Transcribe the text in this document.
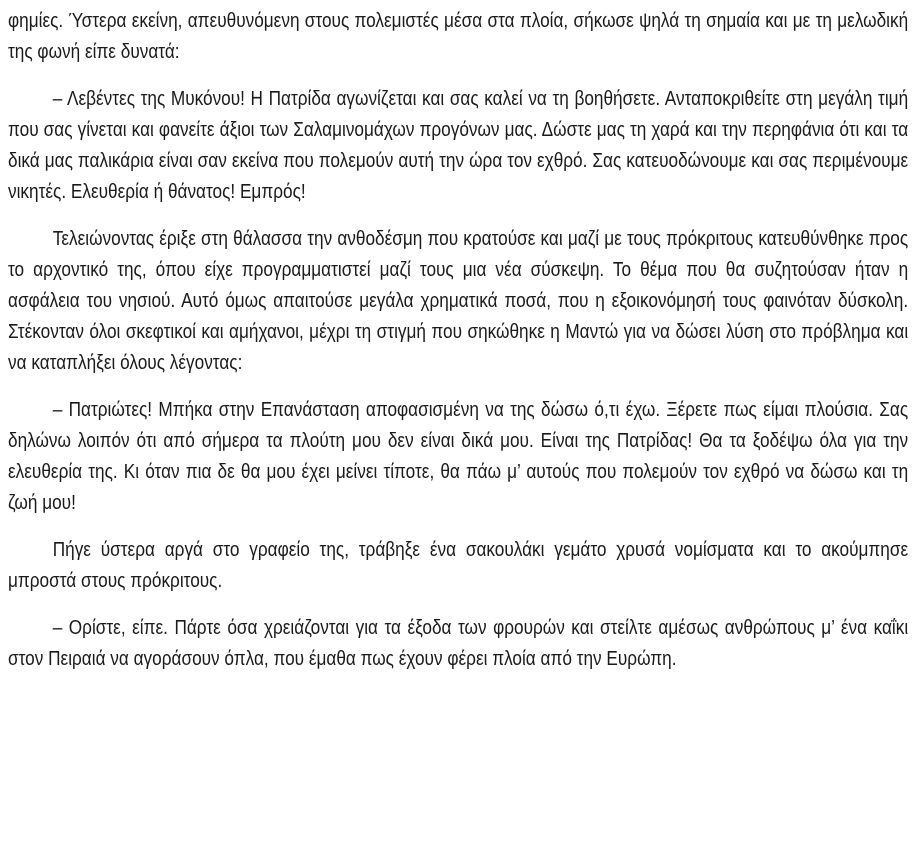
φημίες. Ύστερα εκείνη, απευθυνόμενη στους πολεμιστές μέσα στα πλοία, σήκωσε ψηλά τη σημαία και με τη μελωδική της φωνή είπε δυνατά:

– Λεβέντες της Μυκόνου! Η Πατρίδα αγωνίζεται και σας καλεί να τη βοηθήσετε. Ανταποκριθείτε στη μεγάλη τιμή που σας γίνεται και φανείτε άξιοι των Σαλαμινομάχων προγόνων μας. Δώστε μας τη χαρά και την περηφάνια ότι και τα δικά μας παλικάρια είναι σαν εκείνα που πολεμούν αυτή την ώρα τον εχθρό. Σας κατευοδώνουμε και σας περιμένουμε νικητές. Ελευθερία ή θάνατος! Εμπρός!

Τελειώνοντας έριξε στη θάλασσα την ανθοδέσμη που κρατούσε και μαζί με τους πρόκριτους κατευθύνθηκε προς το αρχοντικό της, όπου είχε προγραμματιστεί μαζί τους μια νέα σύσκεψη. Το θέμα που θα συζητούσαν ήταν η ασφάλεια του νησιού. Αυτό όμως απαιτούσε μεγάλα χρηματικά ποσά, που η εξοικονόμησή τους φαινόταν δύσκολη. Στέκονταν όλοι σκεφτικοί και αμήχανοι, μέχρι τη στιγμή που σηκώθηκε η Μαντώ για να δώσει λύση στο πρόβλημα και να καταπλήξει όλους λέγοντας:

– Πατριώτες! Μπήκα στην Επανάσταση αποφασισμένη να της δώσω ό,τι έχω. Ξέρετε πως είμαι πλούσια. Σας δηλώνω λοιπόν ότι από σήμερα τα πλούτη μου δεν είναι δικά μου. Είναι της Πατρίδας! Θα τα ξοδέψω όλα για την ελευθερία της. Κι όταν πια δε θα μου έχει μείνει τίποτε, θα πάω μ’ αυτούς που πολεμούν τον εχθρό να δώσω και τη ζωή μου!

Πήγε ύστερα αργά στο γραφείο της, τράβηξε ένα σακουλάκι γεμάτο χρυσά νομίσματα και το ακούμπησε μπροστά στους πρόκριτους.

– Ορίστε, είπε. Πάρτε όσα χρειάζονται για τα έξοδα των φρουρών και στείλτε αμέσως ανθρώπους μ’ ένα καΐκι στον Πειραιά να αγοράσουν όπλα, που έμαθα πως έχουν φέρει πλοία από την Ευρώπη.
